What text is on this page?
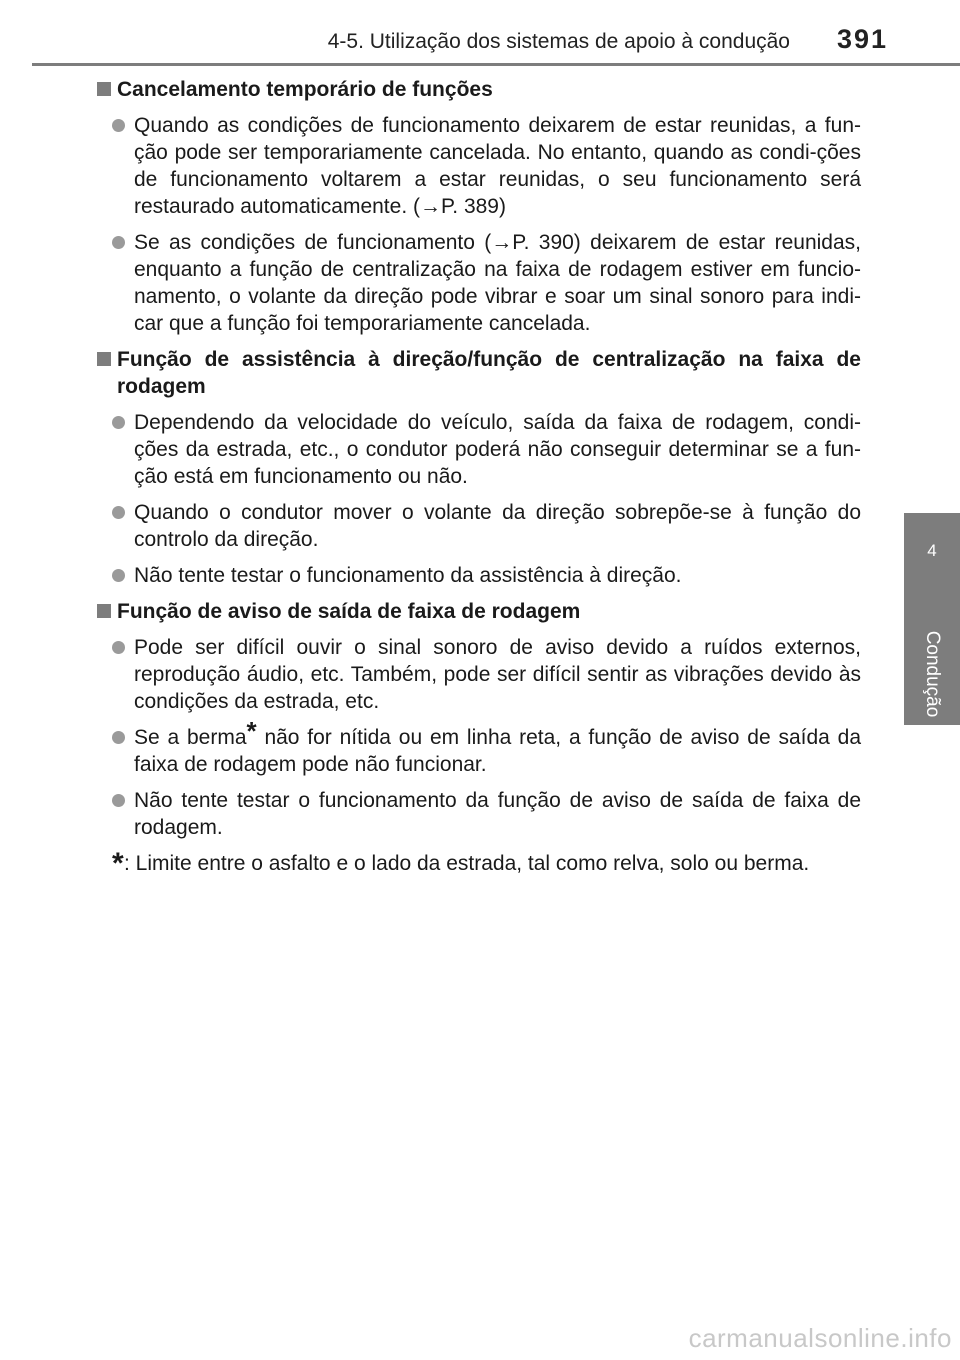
4-5. Utilização dos sistemas de apoio à condução 391
4
Condução
Cancelamento temporário de funções
Quando as condições de funcionamento deixarem de estar reunidas, a fun-ção pode ser temporariamente cancelada. No entanto, quando as condi-ções de funcionamento voltarem a estar reunidas, o seu funcionamento será restaurado automaticamente. (→P. 389)
Se as condições de funcionamento (→P. 390) deixarem de estar reunidas, enquanto a função de centralização na faixa de rodagem estiver em funcio-namento, o volante da direção pode vibrar e soar um sinal sonoro para indi-car que a função foi temporariamente cancelada.
Função de assistência à direção/função de centralização na faixa de rodagem
Dependendo da velocidade do veículo, saída da faixa de rodagem, condi-ções da estrada, etc., o condutor poderá não conseguir determinar se a fun-ção está em funcionamento ou não.
Quando o condutor mover o volante da direção sobrepõe-se à função do controlo da direção.
Não tente testar o funcionamento da assistência à direção.
Função de aviso de saída de faixa de rodagem
Pode ser difícil ouvir o sinal sonoro de aviso devido a ruídos externos, reprodução áudio, etc. Também, pode ser difícil sentir as vibrações devido às condições da estrada, etc.
Se a berma* não for nítida ou em linha reta, a função de aviso de saída da faixa de rodagem pode não funcionar.
Não tente testar o funcionamento da função de aviso de saída de faixa de rodagem.
* : Limite entre o asfalto e o lado da estrada, tal como relva, solo ou berma.
carmanualsonline.info
